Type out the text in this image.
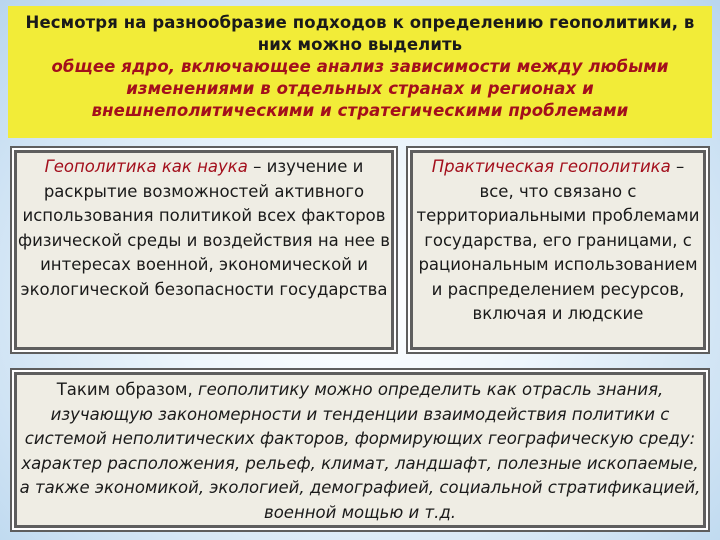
Несмотря на разнообразие подходов к определению геополитики, в них можно выделить
общее ядро, включающее анализ зависимости между любыми изменениями в отдельных странах и регионах и внешнеполитическими и стратегическими проблемами
Геополитика как наука – изучение и раскрытие возможностей активного использования политикой всех факторов физической среды и воздействия на нее в интересах военной, экономической и экологической безопасности государства
Практическая геополитика – все, что связано с территориальными проблемами государства, его границами, с рациональным использованием и распределением ресурсов, включая и людские
Таким образом, геополитику можно определить как отрасль знания, изучающую закономерности и тенденции взаимодействия политики с системой неполитических факторов, формирующих географическую среду: характер расположения, рельеф, климат, ландшафт, полезные ископаемые, а также экономикой, экологией, демографией, социальной стратификацией, военной мощью и т.д.
